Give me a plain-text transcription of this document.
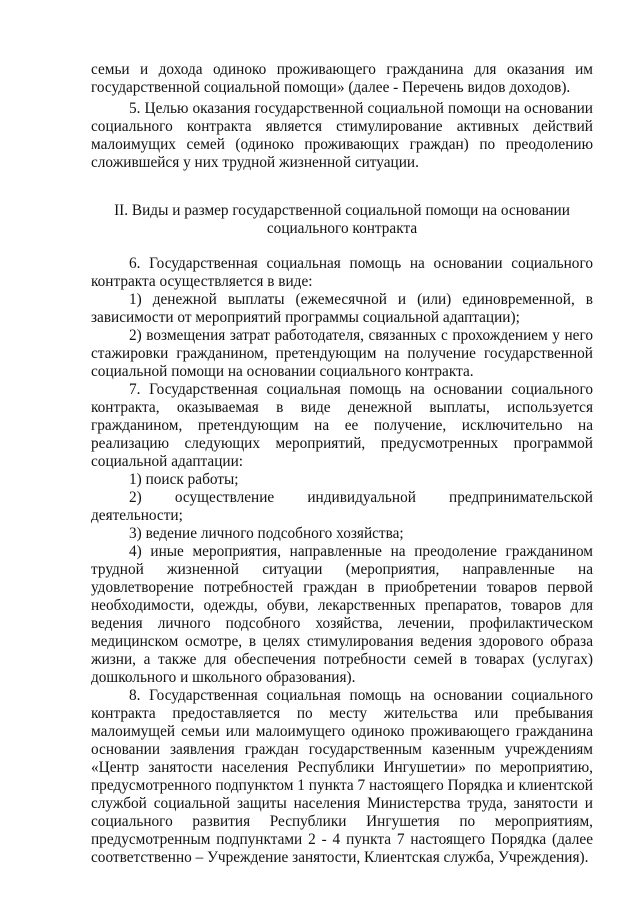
семьи и дохода одиноко проживающего гражданина для оказания им
государственной социальной помощи» (далее - Перечень видов доходов).
5. Целью оказания государственной социальной помощи на основании
социального контракта является стимулирование активных действий
малоимущих семей (одиноко проживающих граждан) по преодолению
сложившейся у них трудной жизненной ситуации.
II. Виды и размер государственной социальной помощи на основании
социального контракта
6. Государственная социальная помощь на основании социального
контракта осуществляется в виде:
1) денежной выплаты (ежемесячной и (или) единовременной, в
зависимости от мероприятий программы социальной адаптации);
2) возмещения затрат работодателя, связанных с прохождением у него
стажировки гражданином, претендующим на получение государственной
социальной помощи на основании социального контракта.
7. Государственная социальная помощь на основании социального
контракта, оказываемая в виде денежной выплаты, используется
гражданином, претендующим на ее получение, исключительно на
реализацию следующих мероприятий, предусмотренных программой
социальной адаптации:
1) поиск работы;
2) осуществление индивидуальной предпринимательской
деятельности;
3) ведение личного подсобного хозяйства;
4) иные мероприятия, направленные на преодоление гражданином
трудной жизненной ситуации (мероприятия, направленные на
удовлетворение потребностей граждан в приобретении товаров первой
необходимости, одежды, обуви, лекарственных препаратов, товаров для
ведения личного подсобного хозяйства, лечении, профилактическом
медицинском осмотре, в целях стимулирования ведения здорового образа
жизни, а также для обеспечения потребности семей в товарах (услугах)
дошкольного и школьного образования).
8. Государственная социальная помощь на основании социального
контракта предоставляется по месту жительства или пребывания
малоимущей семьи или малоимущего одиноко проживающего гражданина
основании заявления граждан государственным казенным учреждениям
«Центр занятости населения Республики Ингушетии» по мероприятию,
предусмотренного подпунктом 1 пункта 7 настоящего Порядка и клиентской
службой социальной защиты населения Министерства труда, занятости и
социального развития Республики Ингушетия по мероприятиям,
предусмотренным подпунктами 2 - 4 пункта 7 настоящего Порядка (далее
соответственно – Учреждение занятости, Клиентская служба, Учреждения).
